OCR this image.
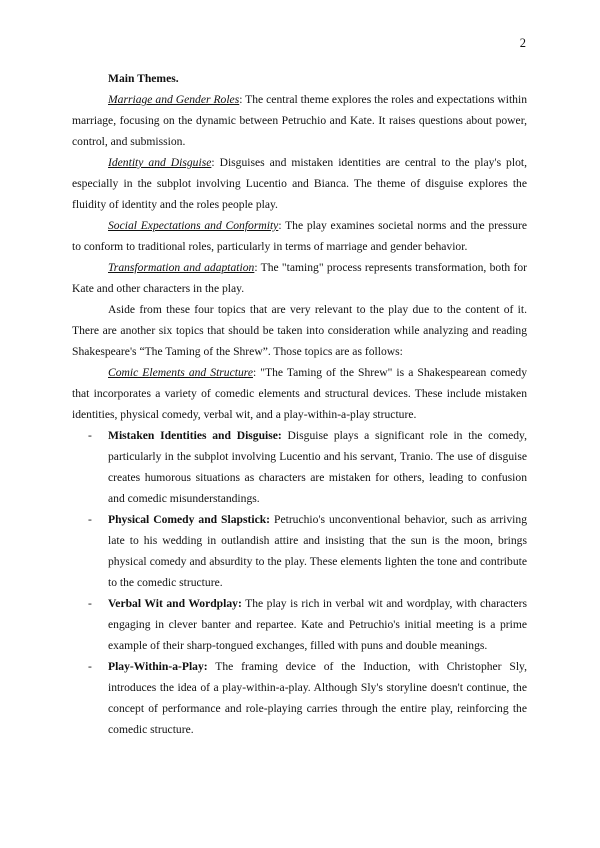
2
Main Themes.

Marriage and Gender Roles: The central theme explores the roles and expectations within marriage, focusing on the dynamic between Petruchio and Kate. It raises questions about power, control, and submission.

Identity and Disguise: Disguises and mistaken identities are central to the play's plot, especially in the subplot involving Lucentio and Bianca. The theme of disguise explores the fluidity of identity and the roles people play.

Social Expectations and Conformity: The play examines societal norms and the pressure to conform to traditional roles, particularly in terms of marriage and gender behavior.

Transformation and adaptation: The "taming" process represents transformation, both for Kate and other characters in the play.

Aside from these four topics that are very relevant to the play due to the content of it. There are another six topics that should be taken into consideration while analyzing and reading Shakespeare's “The Taming of the Shrew”. Those topics are as follows:

Comic Elements and Structure: "The Taming of the Shrew" is a Shakespearean comedy that incorporates a variety of comedic elements and structural devices. These include mistaken identities, physical comedy, verbal wit, and a play-within-a-play structure.

- Mistaken Identities and Disguise: Disguise plays a significant role in the comedy, particularly in the subplot involving Lucentio and his servant, Tranio. The use of disguise creates humorous situations as characters are mistaken for others, leading to confusion and comedic misunderstandings.
- Physical Comedy and Slapstick: Petruchio's unconventional behavior, such as arriving late to his wedding in outlandish attire and insisting that the sun is the moon, brings physical comedy and absurdity to the play. These elements lighten the tone and contribute to the comedic structure.
- Verbal Wit and Wordplay: The play is rich in verbal wit and wordplay, with characters engaging in clever banter and repartee. Kate and Petruchio's initial meeting is a prime example of their sharp-tongued exchanges, filled with puns and double meanings.
- Play-Within-a-Play: The framing device of the Induction, with Christopher Sly, introduces the idea of a play-within-a-play. Although Sly's storyline doesn't continue, the concept of performance and role-playing carries through the entire play, reinforcing the comedic structure.
